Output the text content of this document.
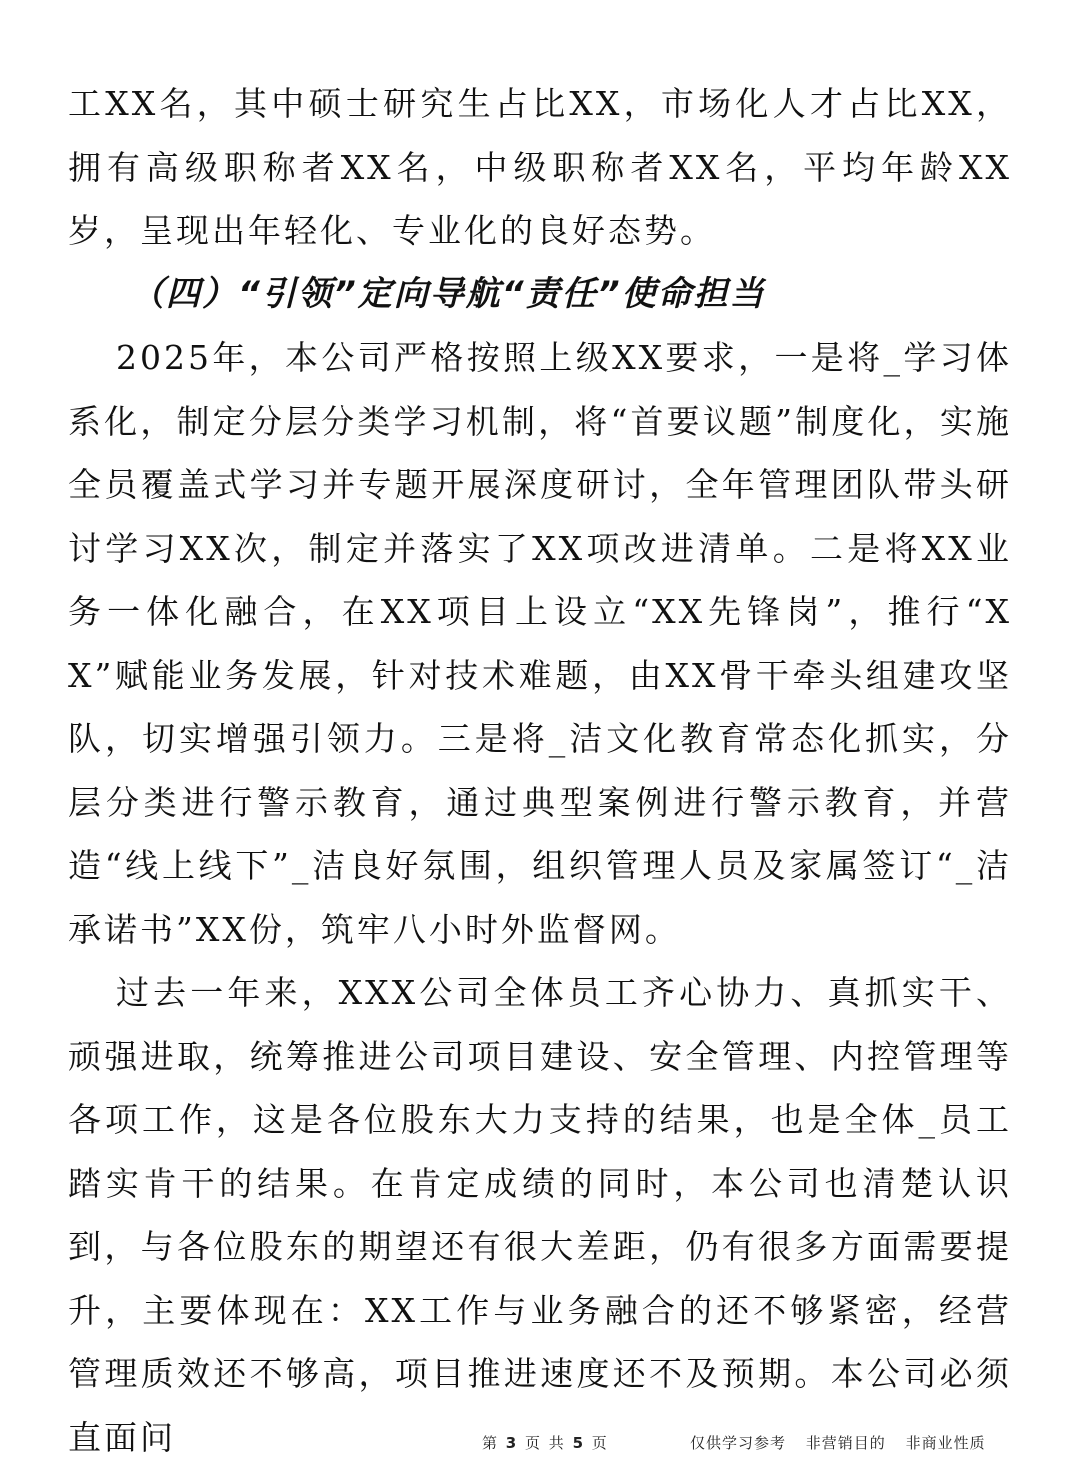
工XX名，其中硕士研究生占比XX，市场化人才占比XX，拥有高级职称者XX名，中级职称者XX名，平均年龄XX岁，呈现出年轻化、专业化的良好态势。

（四）“引领”定向导航“责任”使命担当

2025年，本公司严格按照上级XX要求，一是将_学习体系化，制定分层分类学习机制，将“首要议题”制度化，实施全员覆盖式学习并专题开展深度研讨，全年管理团队带头研讨学习XX次，制定并落实了XX项改进清单。二是将XX业务一体化融合，在XX项目上设立“XX先锋岗”，推行“XX”赋能业务发展，针对技术难题，由XX骨干牵头组建攻坚队，切实增强引领力。三是将_洁文化教育常态化抓实，分层分类进行警示教育，通过典型案例进行警示教育，并营造“线上线下”_洁良好氛围，组织管理人员及家属签订“_洁承诺书”XX份，筑牢八小时外监督网。

过去一年来，XXX公司全体员工齐心协力、真抓实干、顽强进取，统筹推进公司项目建设、安全管理、内控管理等各项工作，这是各位股东大力支持的结果，也是全体_员工踏实肯干的结果。在肯定成绩的同时，本公司也清楚认识到，与各位股东的期望还有很大差距，仍有很多方面需要提升，主要体现在：XX工作与业务融合的还不够紧密，经营管理质效还不够高，项目推进速度还不及预期。本公司必须直面问	第 3 页 共 5 页	仅供学习参考 非营销目的 非商业性质
